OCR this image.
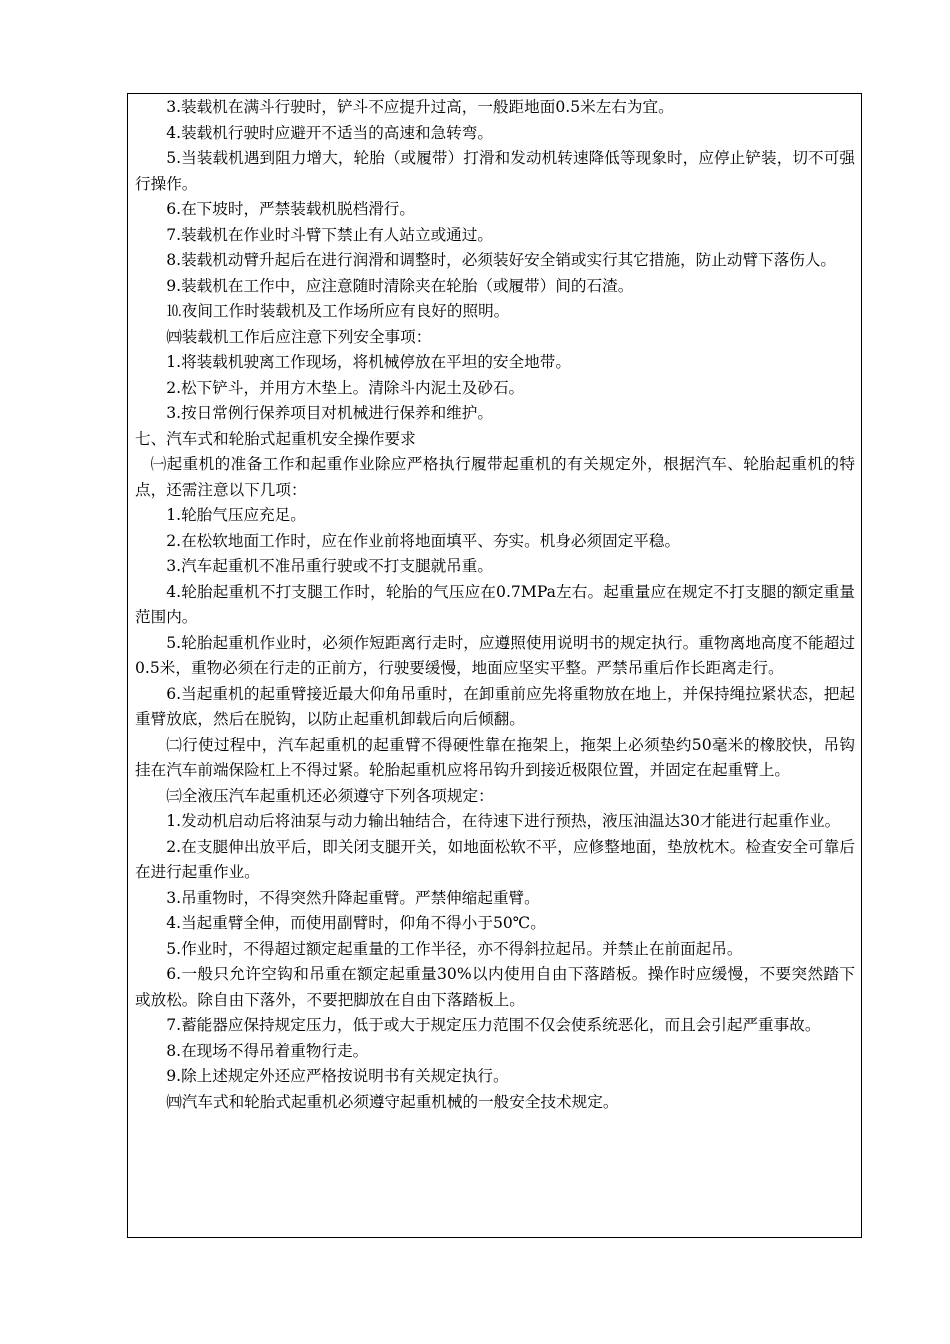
3.装载机在满斗行驶时，铲斗不应提升过高，一般距地面0.5米左右为宜。

4.装载机行驶时应避开不适当的高速和急转弯。

5.当装载机遇到阻力增大，轮胎（或履带）打滑和发动机转速降低等现象时，应停止铲装，切不可强行操作。

6.在下坡时，严禁装载机脱档滑行。

7.装载机在作业时斗臂下禁止有人站立或通过。

8.装载机动臂升起后在进行润滑和调整时，必须装好安全销或实行其它措施，防止动臂下落伤人。

9.装载机在工作中，应注意随时清除夹在轮胎（或履带）间的石渣。

⒑夜间工作时装载机及工作场所应有良好的照明。

㈣装载机工作后应注意下列安全事项：

1.将装载机驶离工作现场，将机械停放在平坦的安全地带。

2.松下铲斗，并用方木垫上。清除斗内泥土及砂石。

3.按日常例行保养项目对机械进行保养和维护。

七、汽车式和轮胎式起重机安全操作要求

㈠起重机的准备工作和起重作业除应严格执行履带起重机的有关规定外，根据汽车、轮胎起重机的特点，还需注意以下几项：

1.轮胎气压应充足。

2.在松软地面工作时，应在作业前将地面填平、夯实。机身必须固定平稳。

3.汽车起重机不准吊重行驶或不打支腿就吊重。

4.轮胎起重机不打支腿工作时，轮胎的气压应在0.7MPa左右。起重量应在规定不打支腿的额定重量范围内。

5.轮胎起重机作业时，必须作短距离行走时，应遵照使用说明书的规定执行。重物离地高度不能超过0.5米，重物必须在行走的正前方，行驶要缓慢，地面应坚实平整。严禁吊重后作长距离走行。

6.当起重机的起重臂接近最大仰角吊重时，在卸重前应先将重物放在地上，并保持绳拉紧状态，把起重臂放底，然后在脱钩，以防止起重机卸载后向后倾翻。

㈡行使过程中，汽车起重机的起重臂不得硬性靠在拖架上，拖架上必须垫约50毫米的橡胶快，吊钩挂在汽车前端保险杠上不得过紧。轮胎起重机应将吊钩升到接近极限位置，并固定在起重臂上。

㈢全液压汽车起重机还必须遵守下列各项规定：

1.发动机启动后将油泵与动力输出轴结合，在待速下进行预热，液压油温达30才能进行起重作业。

2.在支腿伸出放平后，即关闭支腿开关，如地面松软不平，应修整地面，垫放枕木。检查安全可靠后在进行起重作业。

3.吊重物时，不得突然升降起重臂。严禁伸缩起重臂。

4.当起重臂全伸，而使用副臂时，仰角不得小于50℃。

5.作业时，不得超过额定起重量的工作半径，亦不得斜拉起吊。并禁止在前面起吊。

6.一般只允许空钩和吊重在额定起重量30%以内使用自由下落踏板。操作时应缓慢，不要突然踏下或放松。除自由下落外，不要把脚放在自由下落踏板上。

7.蓄能器应保持规定压力，低于或大于规定压力范围不仅会使系统恶化，而且会引起严重事故。

8.在现场不得吊着重物行走。

9.除上述规定外还应严格按说明书有关规定执行。

㈣汽车式和轮胎式起重机必须遵守起重机械的一般安全技术规定。
